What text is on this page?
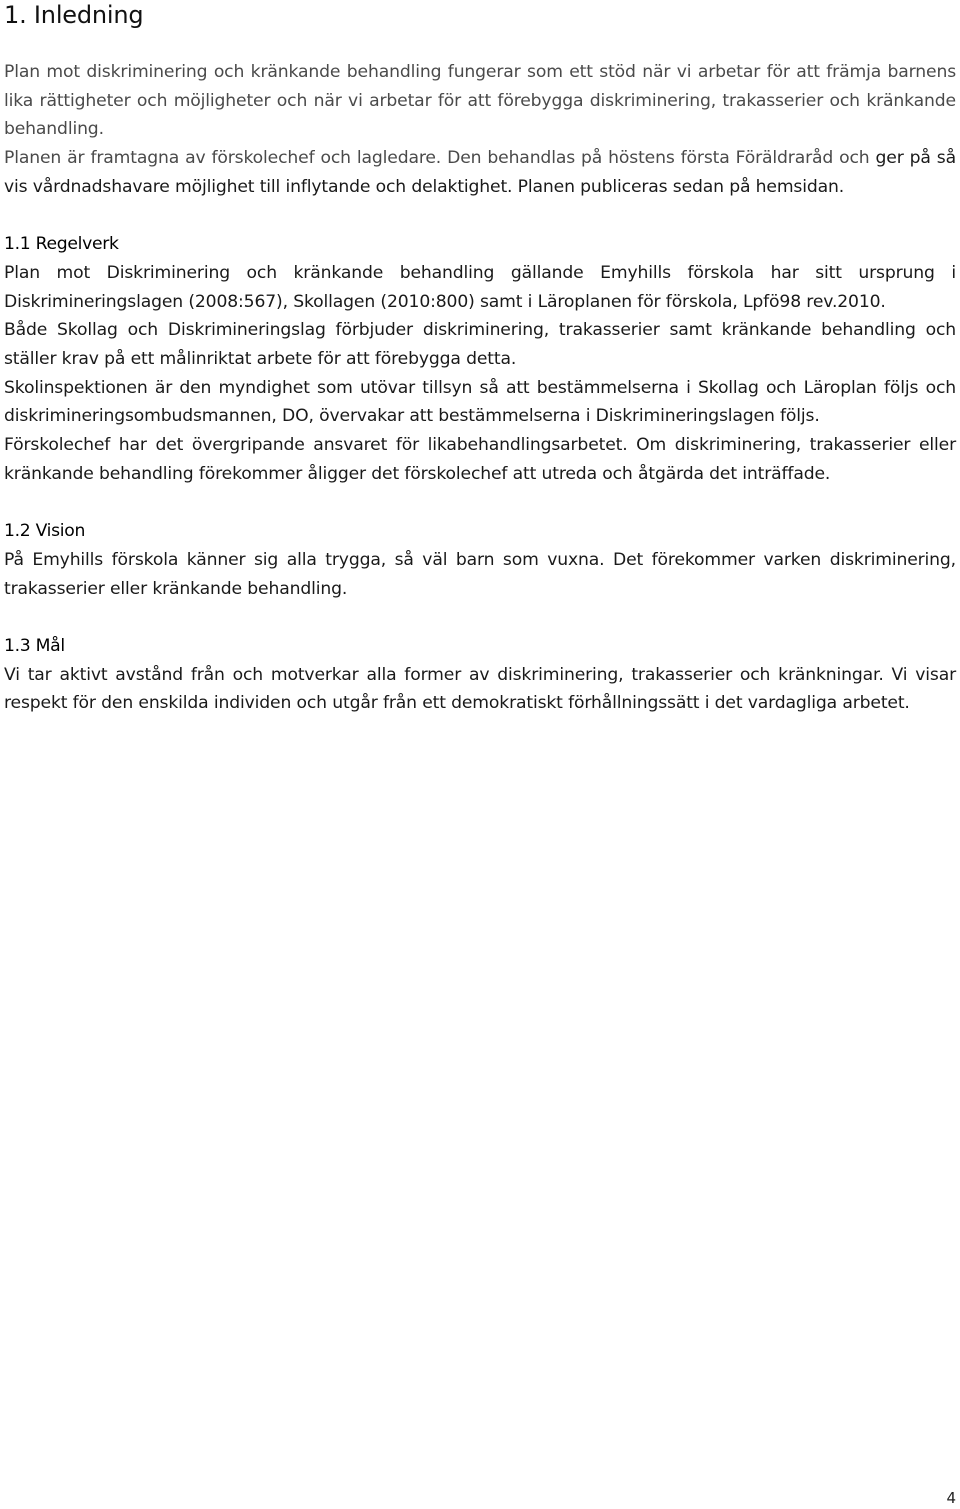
1. Inledning

Plan mot diskriminering och kränkande behandling fungerar som ett stöd när vi arbetar för att främja barnens lika rättigheter och möjligheter och när vi arbetar för att förebygga diskriminering, trakasserier och kränkande behandling.

Planen är framtagna av förskolechef och lagledare. Den behandlas på höstens första Föräldraråd och ger på så vis vårdnadshavare möjlighet till inflytande och delaktighet. Planen publiceras sedan på hemsidan.

1.1 Regelverk

Plan mot Diskriminering och kränkande behandling gällande Emyhills förskola har sitt ursprung i Diskrimineringslagen (2008:567), Skollagen (2010:800) samt i Läroplanen för förskola, Lpfö98 rev.2010.

Både Skollag och Diskrimineringslag förbjuder diskriminering, trakasserier samt kränkande behandling och ställer krav på ett målinriktat arbete för att förebygga detta.

Skolinspektionen är den myndighet som utövar tillsyn så att bestämmelserna i Skollag och Läroplan följs och diskrimineringsombudsmannen, DO, övervakar att bestämmelserna i Diskrimineringslagen följs.

Förskolechef har det övergripande ansvaret för likabehandlingsarbetet. Om diskriminering, trakasserier eller kränkande behandling förekommer åligger det förskolechef att utreda och åtgärda det inträffade.

1.2 Vision

På Emyhills förskola känner sig alla trygga, så väl barn som vuxna. Det förekommer varken diskriminering, trakasserier eller kränkande behandling.

1.3 Mål

Vi tar aktivt avstånd från och motverkar alla former av diskriminering, trakasserier och kränkningar. Vi visar respekt för den enskilda individen och utgår från ett demokratiskt förhållningssätt i det vardagliga arbetet.

4
